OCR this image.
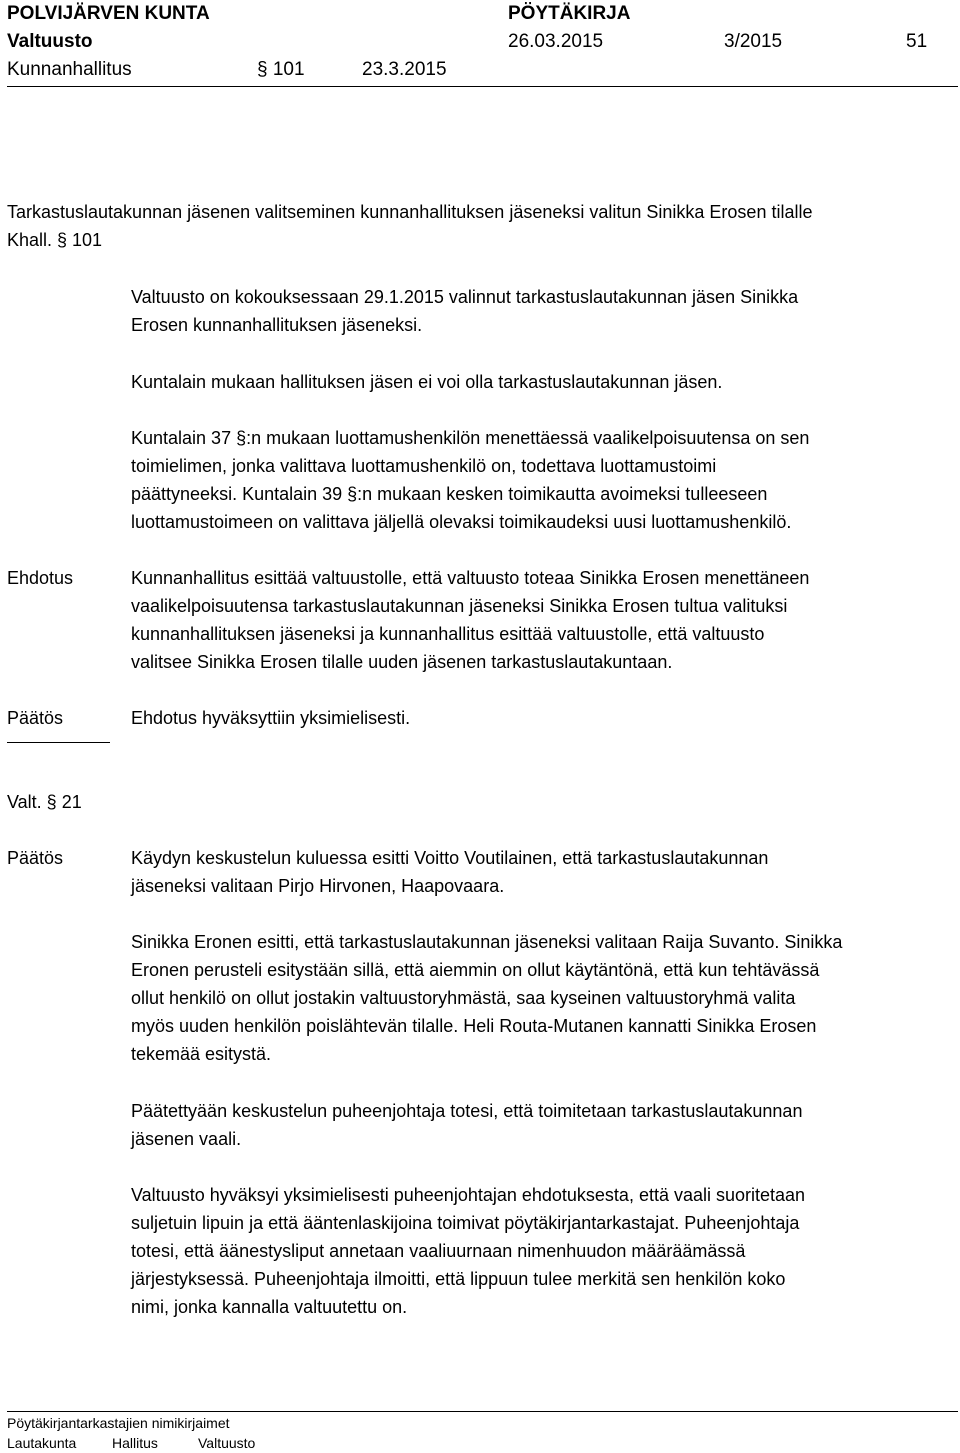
POLVIJÄRVEN KUNTA	PÖYTÄKIRJA
Valtuusto	26.03.2015	3/2015	51
Kunnanhallitus	§ 101	23.3.2015
Tarkastuslautakunnan jäsenen valitseminen kunnanhallituksen jäseneksi valitun Sinikka Erosen tilalle
Khall. § 101

Valtuusto on kokouksessaan 29.1.2015 valinnut tarkastuslautakunnan jäsen Sinikka

Erosen kunnanhallituksen jäseneksi.

Kuntalain mukaan hallituksen jäsen ei voi olla tarkastuslautakunnan jäsen.

Kuntalain 37 §:n mukaan luottamushenkilön menettäessä vaalikelpoisuutensa on sen

toimielimen, jonka valittava luottamushenkilö on, todettava luottamustoimi

päättyneeksi. Kuntalain 39 §:n mukaan kesken toimikautta avoimeksi tulleeseen

luottamustoimeen on valittava jäljellä olevaksi toimikaudeksi uusi luottamushenkilö.

Ehdotus	Kunnanhallitus esittää valtuustolle, että valtuusto toteaa Sinikka Erosen menettäneen

vaalikelpoisuutensa tarkastuslautakunnan jäseneksi Sinikka Erosen tultua valituksi

kunnanhallituksen jäseneksi ja kunnanhallitus esittää valtuustolle, että valtuusto

valitsee Sinikka Erosen tilalle uuden jäsenen tarkastuslautakuntaan.

Päätös	Ehdotus hyväksyttiin yksimielisesti.

Valt. § 21
Päätös	Käydyn keskustelun kuluessa esitti Voitto Voutilainen, että tarkastuslautakunnan

jäseneksi valitaan Pirjo Hirvonen, Haapovaara.

Sinikka Eronen esitti, että tarkastuslautakunnan jäseneksi valitaan Raija Suvanto. Sinikka

Eronen perusteli esitystään sillä, että aiemmin on ollut käytäntönä, että kun tehtävässä

ollut henkilö on ollut jostakin valtuustoryhmästä, saa kyseinen valtuustoryhmä valita

myös uuden henkilön poislähtevän tilalle. Heli Routa-Mutanen kannatti Sinikka Erosen

tekemää esitystä.

Päätettyään keskustelun puheenjohtaja totesi, että toimitetaan tarkastuslautakunnan

jäsenen vaali.

Valtuusto hyväksyi yksimielisesti puheenjohtajan ehdotuksesta, että vaali suoritetaan

suljetuin lipuin ja että ääntenlaskijoina toimivat pöytäkirjantarkastajat. Puheenjohtaja

totesi, että äänestysliput annetaan vaaliuurnaan nimenhuudon määräämässä

järjestyksessä. Puheenjohtaja ilmoitti, että lippuun tulee merkitä sen henkilön koko

nimi, jonka kannalla valtuutettu on.

Pöytäkirjantarkastajien nimikirjaimet
Lautakunta	Hallitus	Valtuusto
